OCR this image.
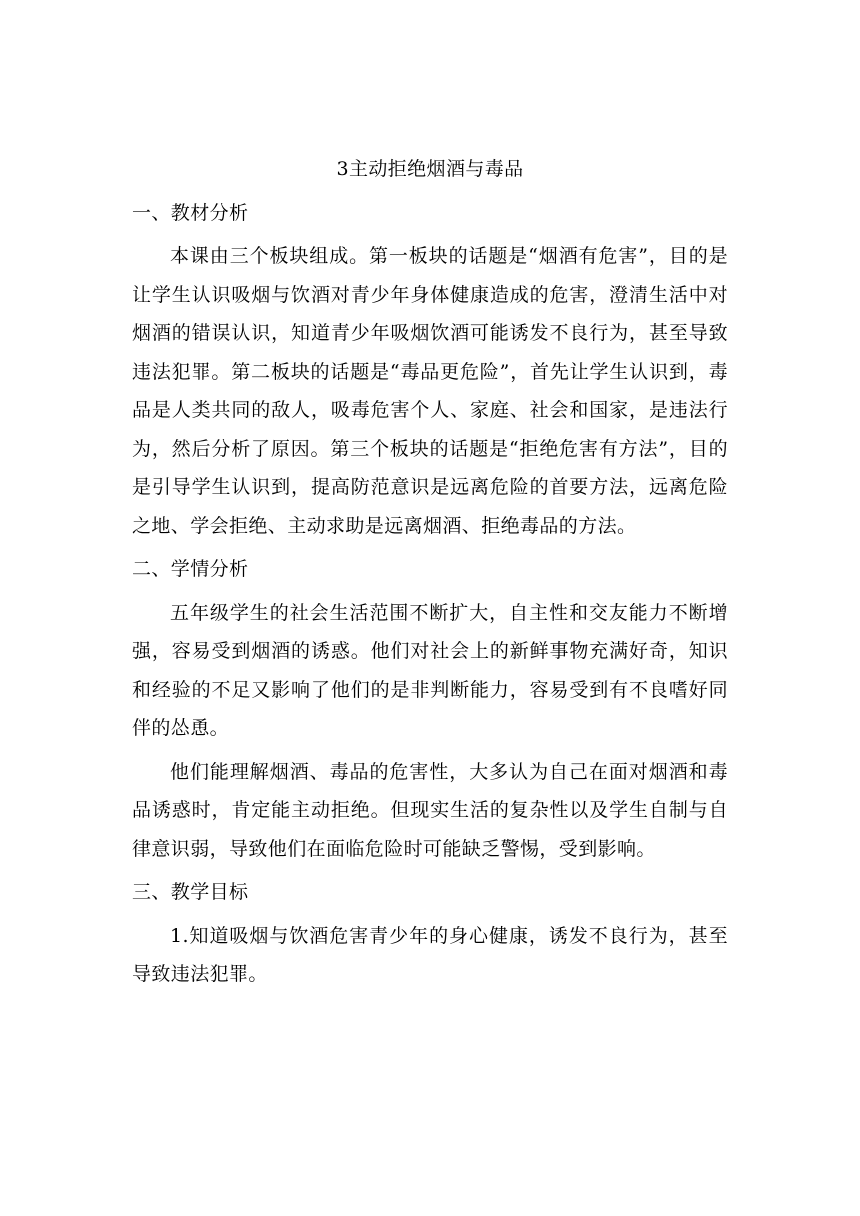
3主动拒绝烟酒与毒品
一、教材分析

本课由三个板块组成。第一板块的话题是“烟酒有危害”，目的是让学生认识吸烟与饮酒对青少年身体健康造成的危害，澄清生活中对烟酒的错误认识，知道青少年吸烟饮酒可能诱发不良行为，甚至导致违法犯罪。第二板块的话题是“毒品更危险”，首先让学生认识到，毒品是人类共同的敌人，吸毒危害个人、家庭、社会和国家，是违法行为，然后分析了原因。第三个板块的话题是“拒绝危害有方法”，目的是引导学生认识到，提高防范意识是远离危险的首要方法，远离危险之地、学会拒绝、主动求助是远离烟酒、拒绝毒品的方法。

二、学情分析

五年级学生的社会生活范围不断扩大，自主性和交友能力不断增强，容易受到烟酒的诱惑。他们对社会上的新鲜事物充满好奇，知识和经验的不足又影响了他们的是非判断能力，容易受到有不良嗜好同伴的怂恿。

他们能理解烟酒、毒品的危害性，大多认为自己在面对烟酒和毒品诱惑时，肯定能主动拒绝。但现实生活的复杂性以及学生自制与自律意识弱，导致他们在面临危险时可能缺乏警惕，受到影响。

三、教学目标

1.知道吸烟与饮酒危害青少年的身心健康，诱发不良行为，甚至导致违法犯罪。
